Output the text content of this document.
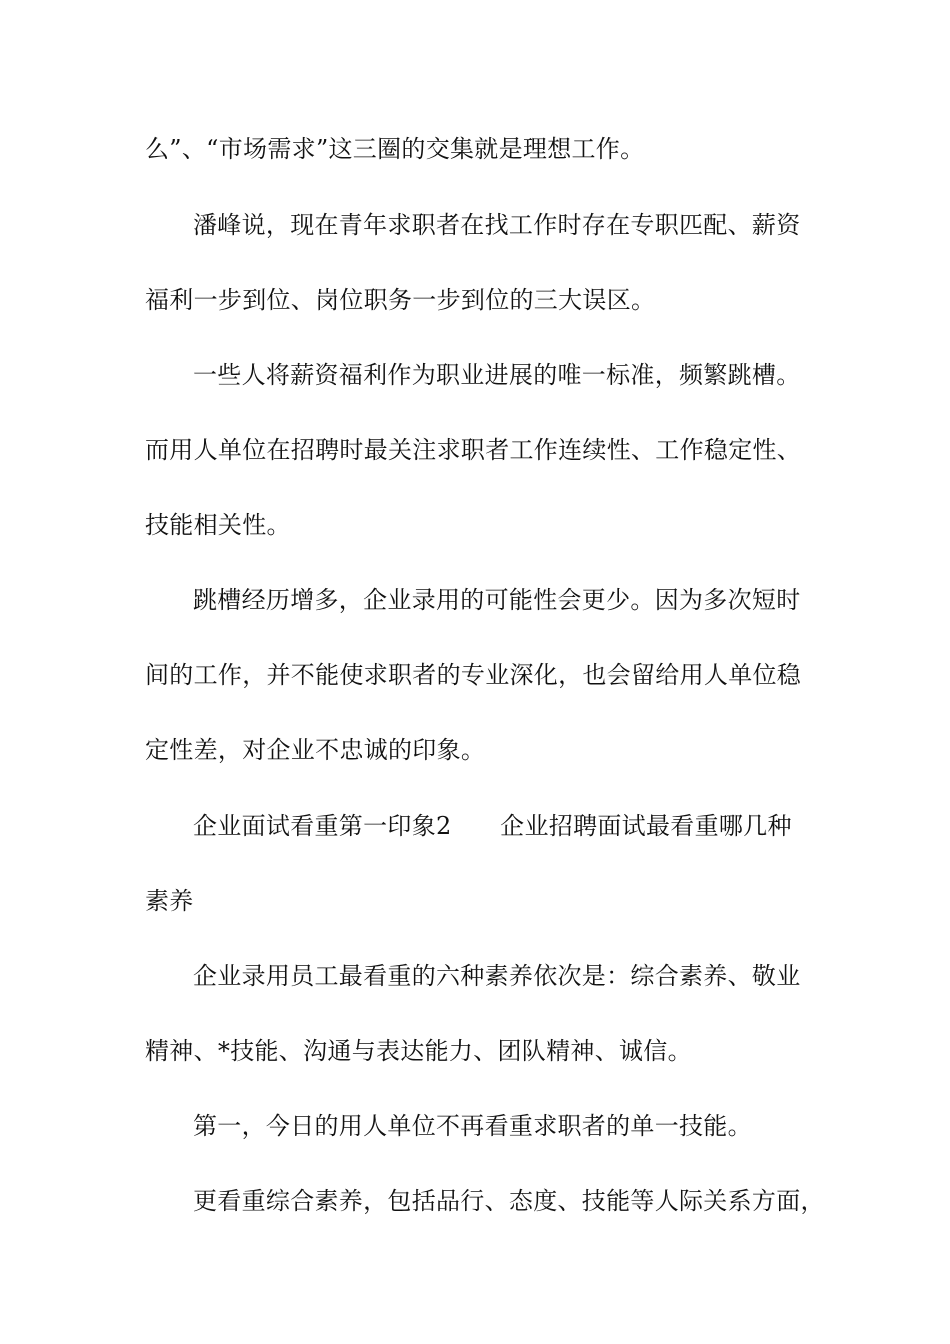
么”、“市场需求”这三圈的交集就是理想工作。
潘峰说，现在青年求职者在找工作时存在专职匹配、薪资
福利一步到位、岗位职务一步到位的三大误区。
一些人将薪资福利作为职业进展的唯一标准，频繁跳槽。
而用人单位在招聘时最关注求职者工作连续性、工作稳定性、
技能相关性。
跳槽经历增多，企业录用的可能性会更少。因为多次短时
间的工作，并不能使求职者的专业深化，也会留给用人单位稳
定性差，对企业不忠诚的印象。
企业面试看重第一印象2　　企业招聘面试最看重哪几种
素养
企业录用员工最看重的六种素养依次是：综合素养、敬业
精神、*技能、沟通与表达能力、团队精神、诚信。
第一，今日的用人单位不再看重求职者的单一技能。
更看重综合素养，包括品行、态度、技能等人际关系方面，
